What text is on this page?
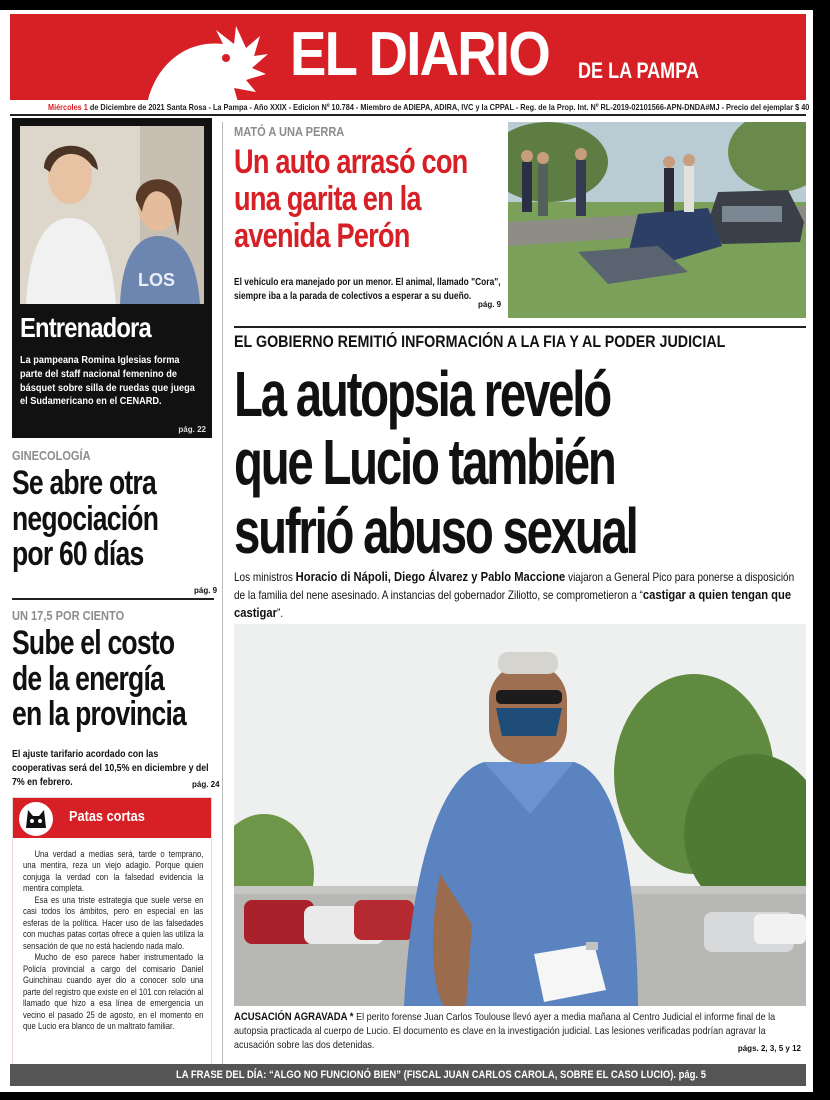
EL DIARIO DE LA PAMPA
Miércoles 1 de Diciembre de 2021 Santa Rosa - La Pampa - Año XXIX - Edicion Nº 10.784 - Miembro de ADIEPA, ADIRA, IVC y la CPPAL - Reg. de la Prop. Int. Nº RL-2019-02101566-APN-DNDA#MJ - Precio del ejemplar $ 40
LOS
Entrenadora
La pampeana Romina Iglesias forma parte del staff nacional femenino de básquet sobre silla de ruedas que juega el Sudamericano en el CENARD.
pág. 22
GINECOLOGÍA
Se abre otra negociación por 60 días
pág. 9
UN 17,5 POR CIENTO
Sube el costo de la energía en la provincia
El ajuste tarifario acordado con las cooperativas será del 10,5% en diciembre y del 7% en febrero.	pág. 24
Patas cortas

Una verdad a medias será, tarde o temprano, una mentira, reza un viejo adagio. Porque quien conjuga la verdad con la falsedad evidencia la mentira completa.

Esa es una triste estrategia que suele verse en casi todos los ámbitos, pero en especial en las esferas de la política. Hacer uso de las falsedades con muchas patas cortas ofrece a quien las utiliza la sensación de que no está haciendo nada malo.

Mucho de eso parece haber instrumentado la Policía provincial a cargo del comisario Daniel Guinchinau cuando ayer dio a conocer solo una parte del registro que existe en el 101 con relación al llamado que hizo a esa línea de emergencia un vecino el pasado 25 de agosto, en el momento en que Lucio era blanco de un maltrato familiar.

MATÓ A UNA PERRA
Un auto arrasó con una garita en la avenida Perón
El vehículo era manejado por un menor. El animal, llamado "Cora", siempre iba a la parada de colectivos a esperar a su dueño.
pág. 9
EL GOBIERNO REMITIÓ INFORMACIÓN A LA FIA Y AL PODER JUDICIAL
La autopsia reveló que Lucio también sufrió abuso sexual
Los ministros Horacio di Nápoli, Diego Álvarez y Pablo Maccione viajaron a General Pico para ponerse a disposición de la familia del nene asesinado. A instancias del gobernador Ziliotto, se comprometieron a “castigar a quien tengan que castigar”.
ACUSACIÓN AGRAVADA * El perito forense Juan Carlos Toulouse llevó ayer a media mañana al Centro Judicial el informe final de la autopsia practicada al cuerpo de Lucio. El documento es clave en la investigación judicial. Las lesiones verificadas podrían agravar la acusación sobre las dos detenidas.	págs. 2, 3, 5 y 12
LA FRASE DEL DÍA: “ALGO NO FUNCIONÓ BIEN” (FISCAL JUAN CARLOS CAROLA, SOBRE EL CASO LUCIO). pág. 5
